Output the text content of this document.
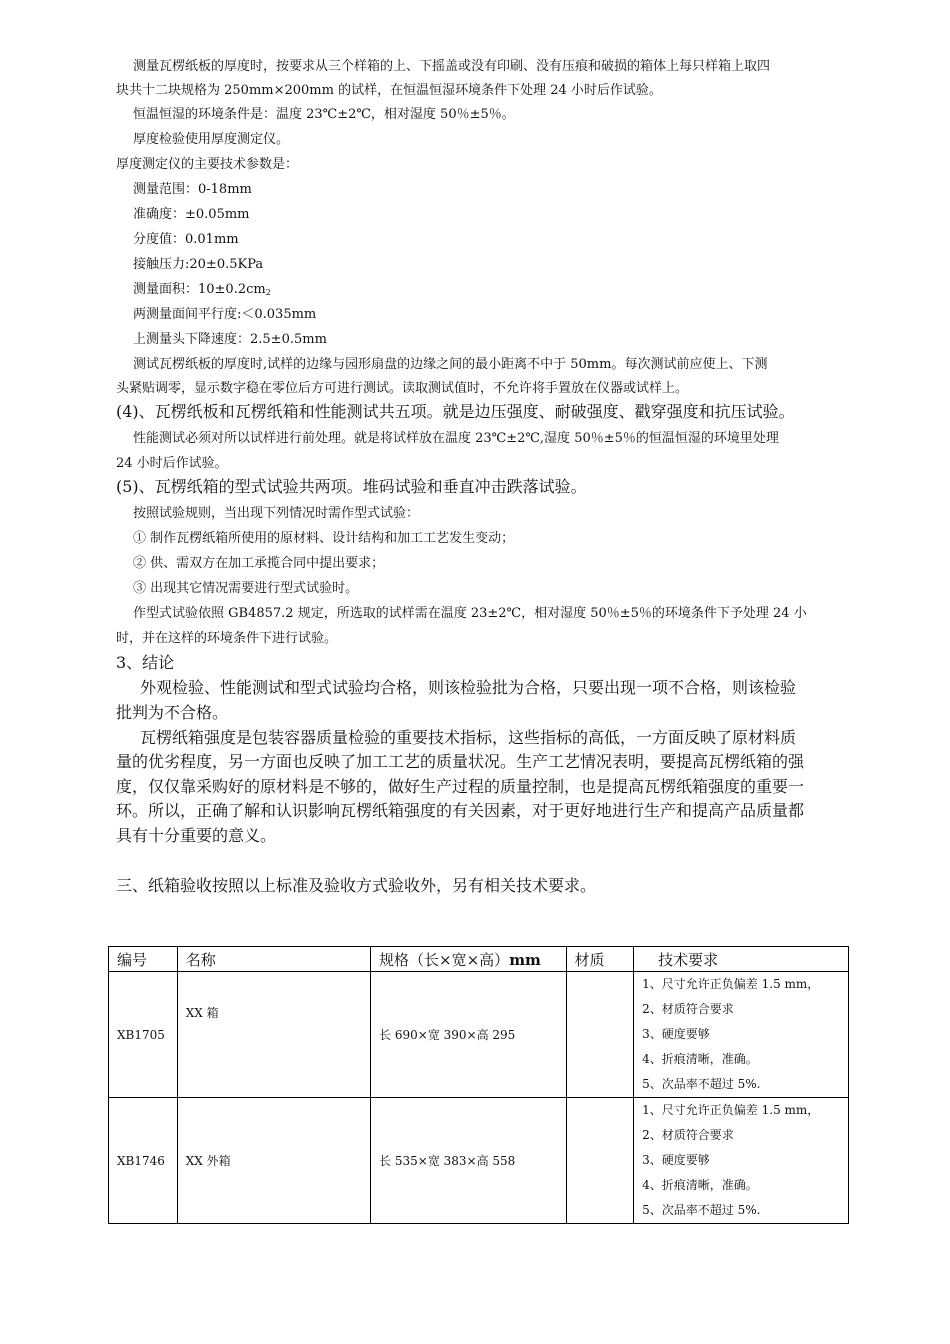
测量瓦楞纸板的厚度时，按要求从三个样箱的上、下摇盖或没有印刷、没有压痕和破损的箱体上每只样箱上取四
块共十二块规格为 250mm×200mm 的试样，在恒温恒湿环境条件下处理 24 小时后作试验。
恒温恒湿的环境条件是：温度 23℃±2℃，相对湿度 50％±5％。
厚度检验使用厚度测定仪。
厚度测定仪的主要技术参数是：
测量范围：0-18mm
准确度：±0.05mm
分度值：0.01mm
接触压力:20±0.5KPa
测量面积：$10\pm 0.2cm_2$
两测量面间平行度:＜0.035mm
上测量头下降速度：2.5±0.5mm
测试瓦楞纸板的厚度时,试样的边缘与园形扇盘的边缘之间的最小距离不中于 50mm。每次测试前应使上、下测
头紧贴调零，显示数字稳在零位后方可进行测试。读取测试值时，不允许将手置放在仪器或试样上。
(4)、瓦楞纸板和瓦楞纸箱和性能测试共五项。就是边压强度、耐破强度、戳穿强度和抗压试验。
性能测试必须对所以试样进行前处理。就是将试样放在温度 23℃±2℃,湿度 50％±5％的恒温恒湿的环境里处理
24 小时后作试验。
(5)、瓦楞纸箱的型式试验共两项。堆码试验和垂直冲击跌落试验。
按照试验规则，当出现下列情况时需作型式试验：
① 制作瓦楞纸箱所使用的原材料、设计结构和加工工艺发生变动；
② 供、需双方在加工承揽合同中提出要求；
③ 出现其它情况需要进行型式试验时。
作型式试验依照 GB4857.2 规定，所选取的试样需在温度 23±2℃，相对湿度 50％±5％的环境条件下予处理 24 小
时，并在这样的环境条件下进行试验。
3、结论
外观检验、性能测试和型式试验均合格，则该检验批为合格，只要出现一项不合格，则该检验
批判为不合格。
瓦楞纸箱强度是包装容器质量检验的重要技术指标，这些指标的高低，一方面反映了原材料质
量的优劣程度，另一方面也反映了加工工艺的质量状况。生产工艺情况表明，要提高瓦楞纸箱的强
度，仅仅靠采购好的原材料是不够的，做好生产过程的质量控制，也是提高瓦楞纸箱强度的重要一
环。所以，正确了解和认识影响瓦楞纸箱强度的有关因素，对于更好地进行生产和提高产品质量都
具有十分重要的意义。
三、纸箱验收按照以上标准及验收方式验收外，另有相关技术要求。
编号	名称	规格（长×宽×高）mm	材质	技术要求
XB1705	XX 箱	长 690×宽 390×高 295		1、尺寸允许正负偏差 1.5 mm，
2、材质符合要求
3、硬度要够
4、折痕清晰，准确。
5、次品率不超过 5%.

XB1746	XX 外箱	长 535×宽 383×高 558		1、尺寸允许正负偏差 1.5 mm，
2、材质符合要求
3、硬度要够
4、折痕清晰，准确。
5、次品率不超过 5%.
